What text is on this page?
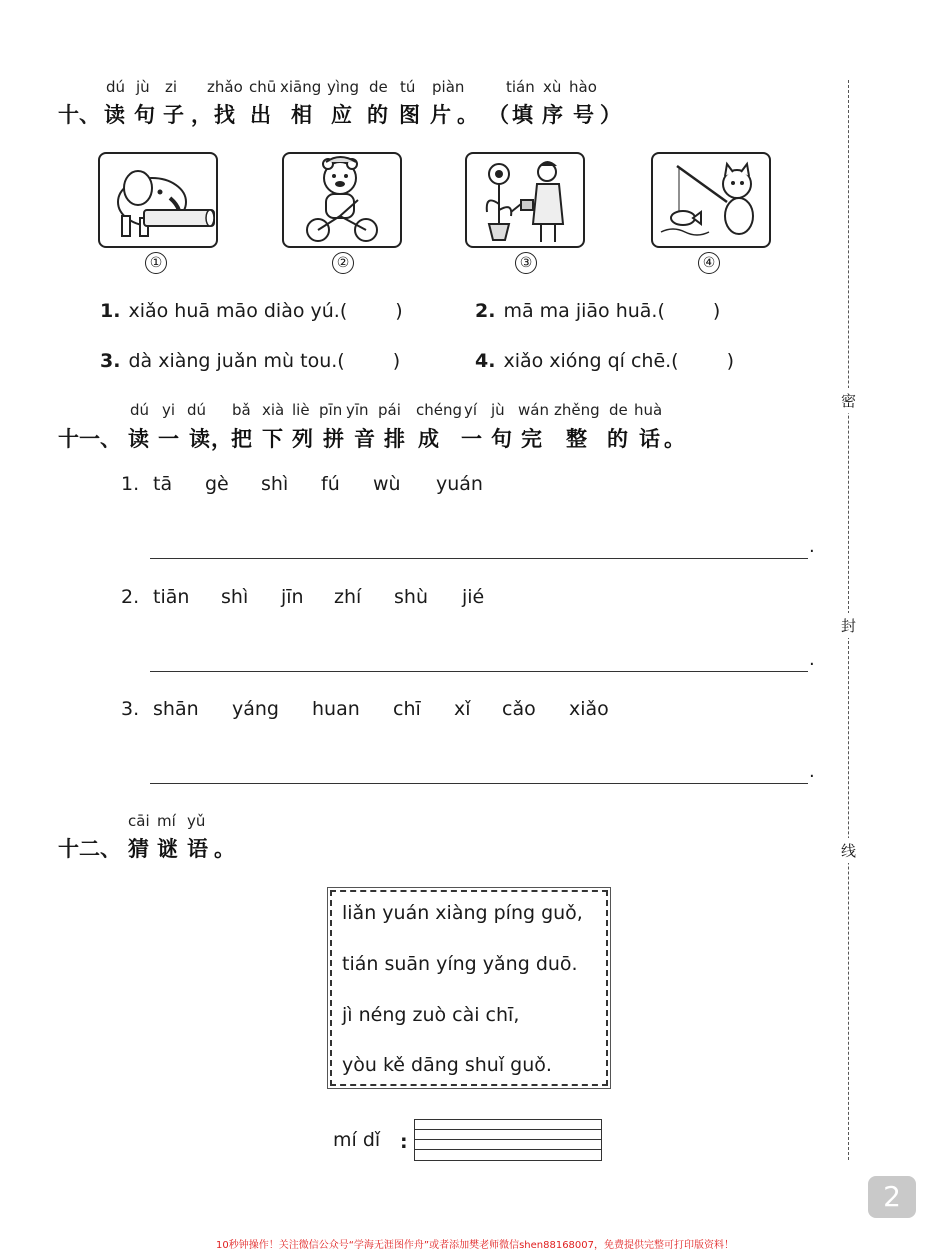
dú jù zi zhǎo chū xiāng yìng de tú piàn	tián xù hào
十、 读 句 子 ， 找 出 相 应 的 图 片 。 （ 填 序 号 ）
①	②	③	④
1. xiǎo huā māo diào yú.(	)	2. mā ma jiāo huā.(	)
3. dà xiàng juǎn mù tou.(	)	4. xiǎo xióng qí chē.(	)
dú yi dú bǎ xià liè pīn yīn pái chéng yí jù wán zhěng de huà
十一、 读 一 读 ，
把 下 列 拼 音 排 成 一 句 完 整 的 话 。
1. tā gè shì fú wù yuán
2. tiān shì jīn zhí shù jié
3. shān yáng huan chī xǐ cǎo xiǎo
.
.
.
cāi mí yǔ
十二、 猜 谜 语 。
liǎn yuán xiàng píng guǒ,
tián suān yíng yǎng duō.
jì néng zuò cài chī,
yòu kě dāng shuǐ guǒ.
mí dǐ :
密
封
线
2
10秒钟操作！关注微信公众号“学海无涯图作舟”或者添加樊老师微信shen88168007，免费提供完整可打印版资料！
